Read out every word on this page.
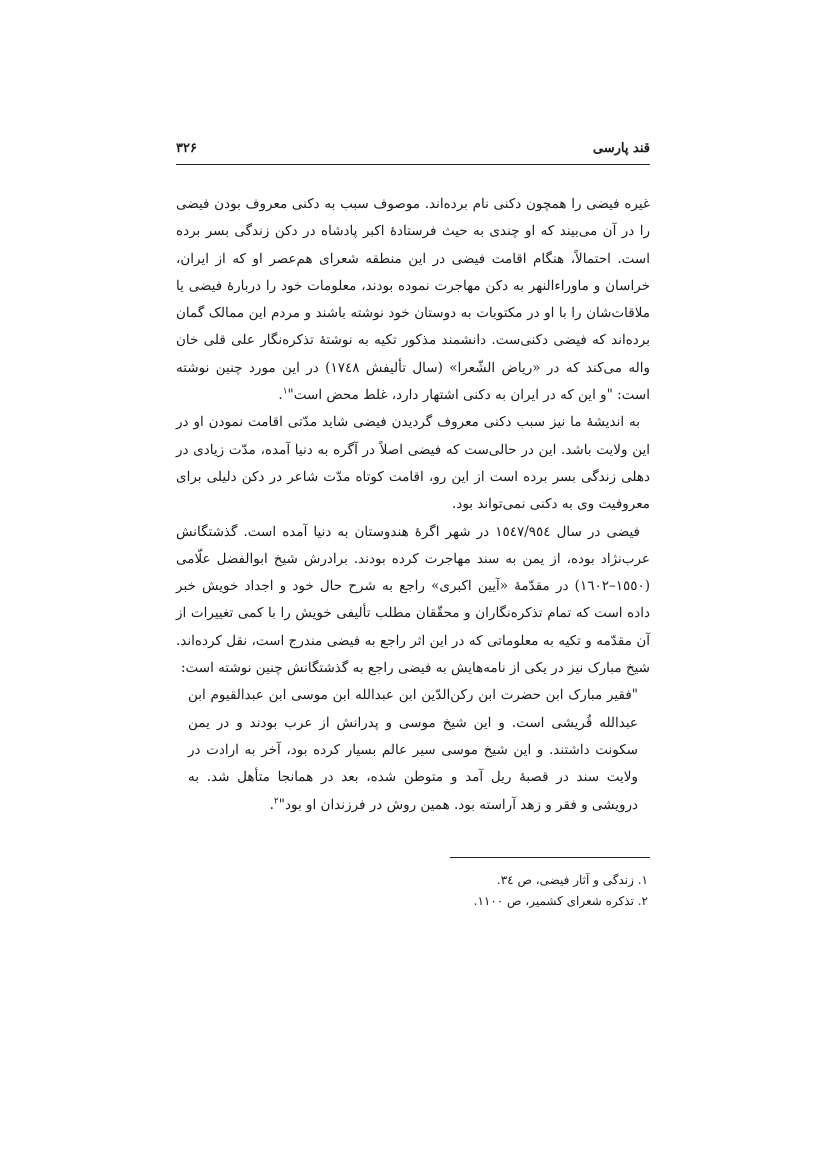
قند پارسی
۳۲۶

غیره فیضی را همچون دکنی نام برده‌اند. موصوف سبب به دکنی معروف بودن فیضی را در آن می‌بیند که او چندی به حیث فرستادهٔ اکبر پادشاه در دکن زندگی بسر برده است. احتمالاً، هنگام اقامت فیضی در این منطقه شعرای هم‌عصر او که از ایران، خراسان و ماوراءالنهر به دکن مهاجرت نموده بودند، معلومات خود را دربارهٔ فیضی یا ملاقات‌شان را با او در مکتوبات به دوستان خود نوشته باشند و مردم این ممالک گمان برده‌اند که فیضی دکنی‌ست. دانشمند مذکور تکیه به نوشتهٔ تذکره‌نگار علی قلی خان واله می‌کند که در «ریاض الشّعرا» (سال تألیفش ۱۷٤۸) در این مورد چنین نوشته است: "و این که در ایران به دکنی اشتهار دارد، غلط محض است"$^۱$.

به اندیشهٔ ما نیز سبب دکنی معروف گردیدن فیضی شاید مدّتی اقامت نمودن او در این ولایت باشد. این در حالی‌ست که فیضی اصلاً در آگره به دنیا آمده، مدّت زیادی در دهلی زندگی بسر برده است از این رو، اقامت کوتاه مدّت شاعر در دکن دلیلی برای معروفیت وی به دکنی نمی‌تواند بود.

فیضی در سال ۱٥٤۷/۹٥٤ در شهر اگرهٔ هندوستان به دنیا آمده است. گذشتگانش عرب‌نژاد بوده، از یمن به سند مهاجرت کرده بودند. برادرش شیخ ابوالفضل علّامی (۱٥٥۰–۱٦۰۲) در مقدّمهٔ «آیین اکبری» راجع به شرح حال خود و اجداد خویش خبر داده است که تمام تذکره‌نگاران و محقّقان مطلب تألیفی خویش را با کمی تغییرات از آن مقدّمه و تکیه به معلوماتی که در این اثر راجع به فیضی مندرج است، نقل کرده‌اند. شیخ مبارک نیز در یکی از نامه‌هایش به فیضی راجع به گذشتگانش چنین نوشته است:

"فقیر مبارک ابن حضرت ابن رکن‌الدّین ابن عبدالله ابن موسی ابن عبدالقیوم ابن عبدالله قُریشی است. و این شیخ موسی و پدرانش از عرب بودند و در یمن سکونت داشتند. و این شیخ موسی سیر عالم بسیار کرده بود، آخر به ارادت در ولایت سند در قصبهٔ ریل آمد و متوطن شده، بعد در همانجا متأهل شد. به درویشی و فقر و زهد آراسته بود. همین روش در فرزندان او بود"$^۲$.

۱. زندگی و آثار فیضی، ص ۳٤.
۲. تذکره شعرای کشمیر، ص ۱۱۰۰.
